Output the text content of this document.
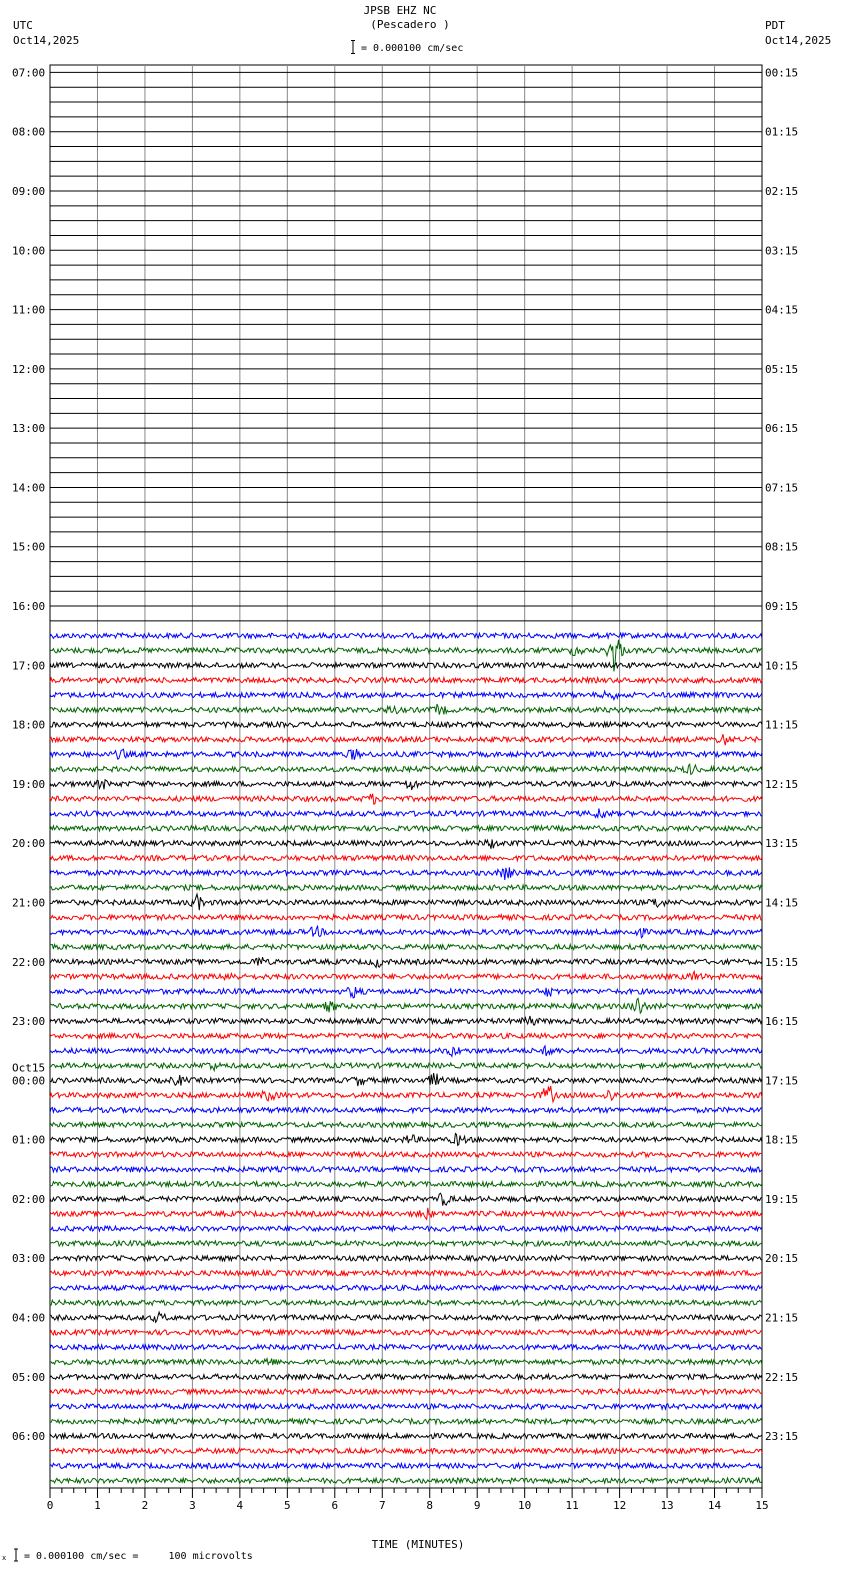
JPSB EHZ NC
(Pescadero )
= 0.000100 cm/sec
UTC
Oct14,2025
PDT
Oct14,2025
0	1	2	3	4	5	6	7	8	9	10	11	12	13	14	15
07:00
08:00
09:00
10:00
11:00
12:00
13:00
14:00
15:00
16:00
17:00
18:00
19:00
20:00
21:00
22:00
23:00
00:00
Oct15
01:00
02:00
03:00
04:00
05:00
06:00
00:15
01:15
02:15
03:15
04:15
05:15
06:15
07:15
08:15
09:15
10:15
11:15
12:15
13:15
14:15
15:15
16:15
17:15
18:15
19:15
20:15
21:15
22:15
23:15
TIME (MINUTES)
x = 0.000100 cm/sec =     100 microvolts
